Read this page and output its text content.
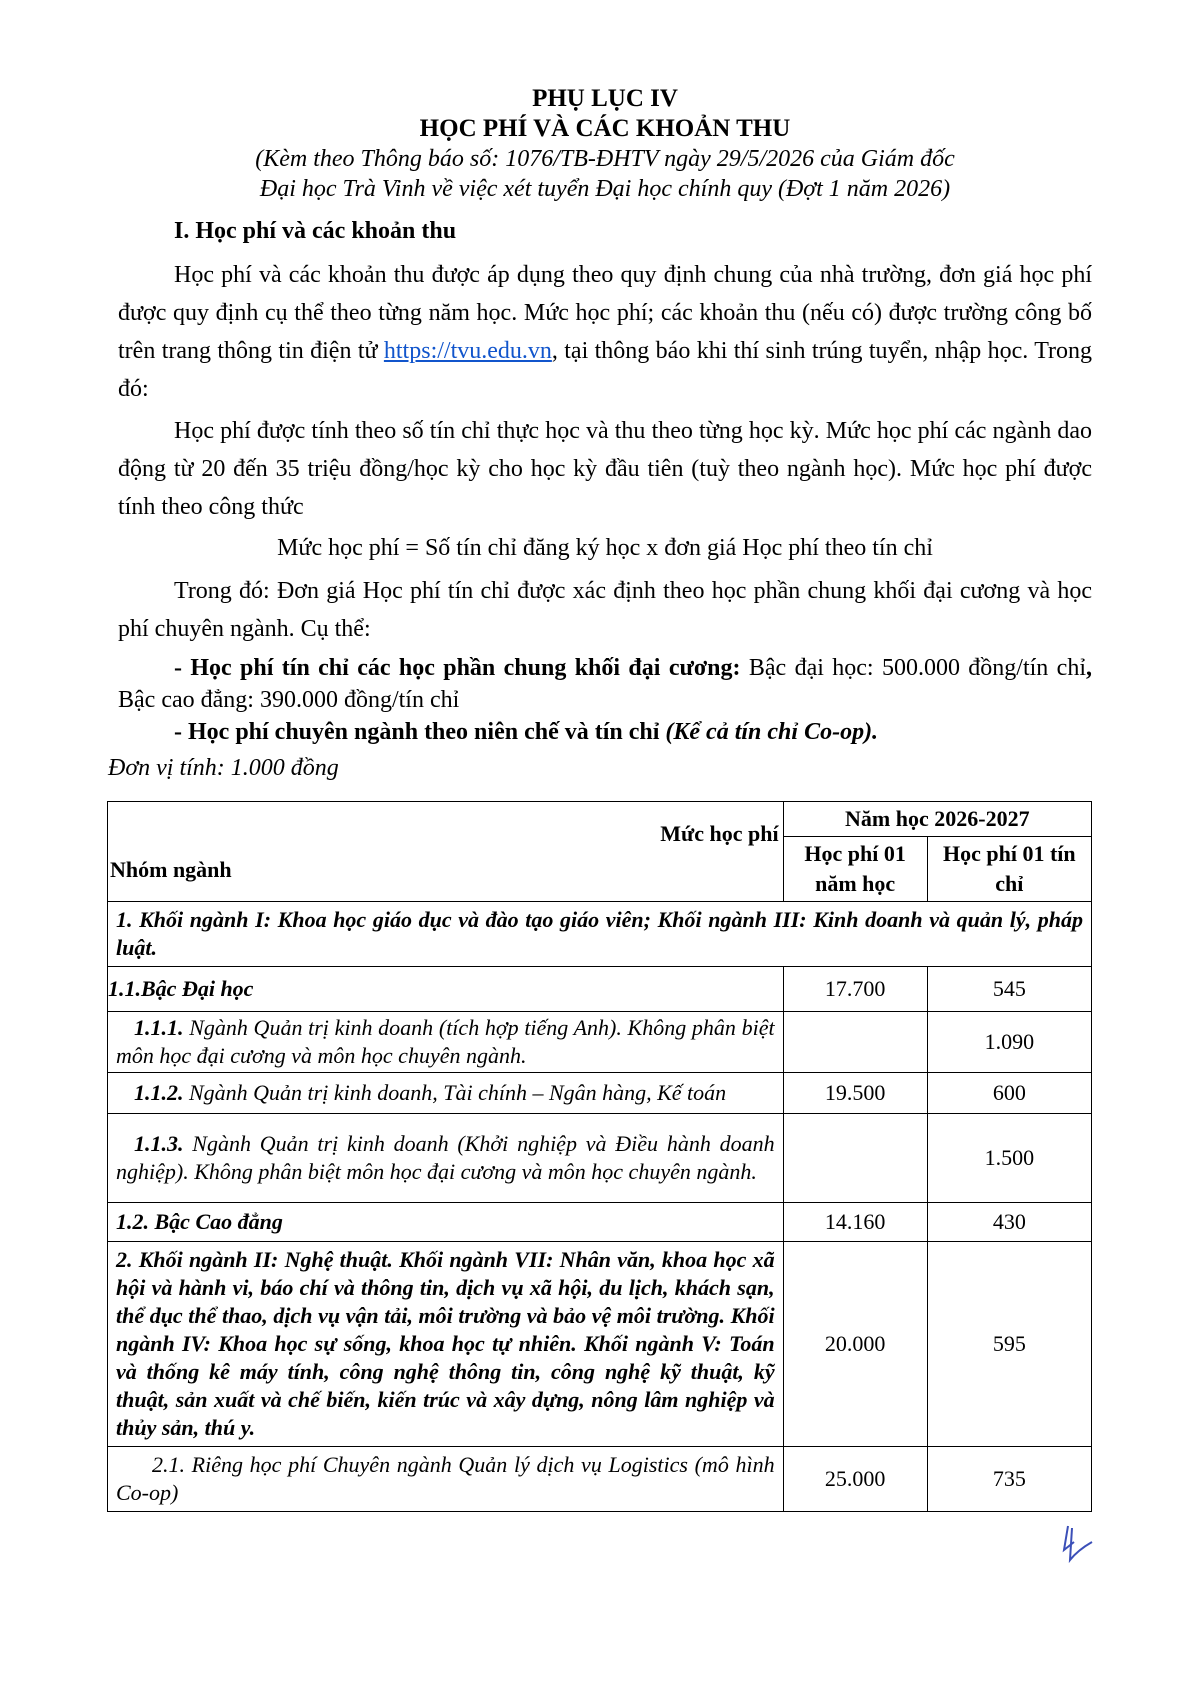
PHỤ LỤC IV

HỌC PHÍ VÀ CÁC KHOẢN THU

(Kèm theo Thông báo số: 1076/TB-ĐHTV ngày 29/5/2026 của Giám đốc

Đại học Trà Vinh về việc xét tuyển Đại học chính quy (Đợt 1 năm 2026)

I. Học phí và các khoản thu

Học phí và các khoản thu được áp dụng theo quy định chung của nhà trường, đơn giá học phí được quy định cụ thể theo từng năm học. Mức học phí; các khoản thu (nếu có) được trường công bố trên trang thông tin điện tử https://tvu.edu.vn, tại thông báo khi thí sinh trúng tuyển, nhập học. Trong đó:

Học phí được tính theo số tín chỉ thực học và thu theo từng học kỳ. Mức học phí các ngành dao động từ 20 đến 35 triệu đồng/học kỳ cho học kỳ đầu tiên (tuỳ theo ngành học). Mức học phí được tính theo công thức

Mức học phí = Số tín chỉ đăng ký học x đơn giá Học phí theo tín chỉ

Trong đó: Đơn giá Học phí tín chỉ được xác định theo học phần chung khối đại cương và học phí chuyên ngành. Cụ thể:

- Học phí tín chỉ các học phần chung khối đại cương: Bậc đại học: 500.000 đồng/tín chỉ, Bậc cao đẳng: 390.000 đồng/tín chỉ

- Học phí chuyên ngành theo niên chế và tín chỉ (Kể cả tín chỉ Co-op).

Đơn vị tính: 1.000 đồng
Mức học phí
Nhóm ngành	Năm học 2026-2027	
	Học phí 01 năm học	Học phí 01 tín chỉ
1. Khối ngành I: Khoa học giáo dục và đào tạo giáo viên; Khối ngành III: Kinh doanh và quản lý, pháp luật.		
1.1.Bậc Đại học	17.700	545
1.1.1. Ngành Quản trị kinh doanh (tích hợp tiếng Anh). Không phân biệt môn học đại cương và môn học chuyên ngành.		1.090
1.1.2. Ngành Quản trị kinh doanh, Tài chính – Ngân hàng, Kế toán	19.500	600
1.1.3. Ngành Quản trị kinh doanh (Khởi nghiệp và Điều hành doanh nghiệp). Không phân biệt môn học đại cương và môn học chuyên ngành.		1.500
1.2. Bậc Cao đẳng	14.160	430
2. Khối ngành II: Nghệ thuật. Khối ngành VII: Nhân văn, khoa học xã hội và hành vi, báo chí và thông tin, dịch vụ xã hội, du lịch, khách sạn, thể dục thể thao, dịch vụ vận tải, môi trường và bảo vệ môi trường. Khối ngành IV: Khoa học sự sống, khoa học tự nhiên. Khối ngành V: Toán và thống kê máy tính, công nghệ thông tin, công nghệ kỹ thuật, kỹ thuật, sản xuất và chế biến, kiến trúc và xây dựng, nông lâm nghiệp và thủy sản, thú y.	20.000	595
2.1. Riêng học phí Chuyên ngành Quản lý dịch vụ Logistics (mô hình Co-op)	25.000	735
